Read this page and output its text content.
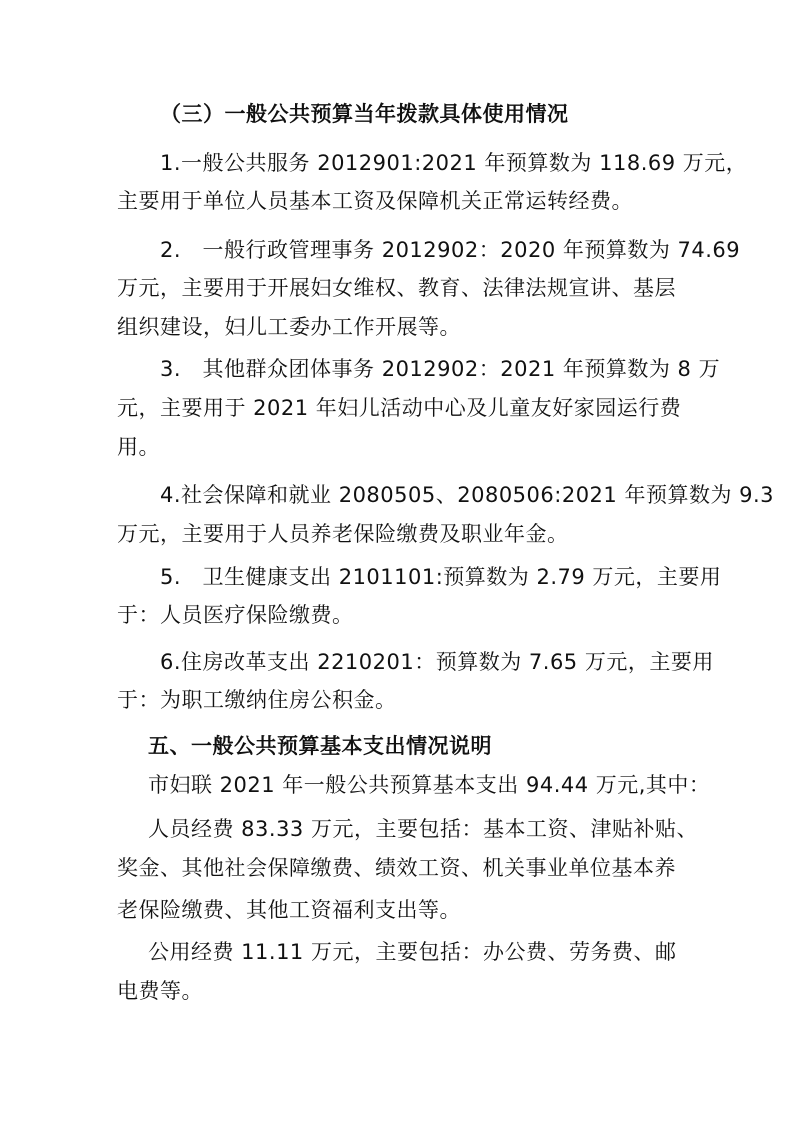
（三）一般公共预算当年拨款具体使用情况

1.一般公共服务 2012901:2021 年预算数为 118.69 万元，

主要用于单位人员基本工资及保障机关正常运转经费。

2.　一般行政管理事务 2012902：2020 年预算数为 74.69

万元，主要用于开展妇女维权、教育、法律法规宣讲、基层

组织建设，妇儿工委办工作开展等。

3.　其他群众团体事务 2012902：2021 年预算数为 8 万

元，主要用于 2021 年妇儿活动中心及儿童友好家园运行费

用。

4.社会保障和就业 2080505、2080506:2021 年预算数为 9.3

万元，主要用于人员养老保险缴费及职业年金。

5.　卫生健康支出 2101101:预算数为 2.79 万元，主要用

于：人员医疗保险缴费。

6.住房改革支出 2210201：预算数为 7.65 万元，主要用

于：为职工缴纳住房公积金。

五、一般公共预算基本支出情况说明

市妇联 2021 年一般公共预算基本支出 94.44 万元,其中：

人员经费 83.33 万元，主要包括：基本工资、津贴补贴、

奖金、其他社会保障缴费、绩效工资、机关事业单位基本养

老保险缴费、其他工资福利支出等。

公用经费 11.11 万元，主要包括：办公费、劳务费、邮

电费等。
